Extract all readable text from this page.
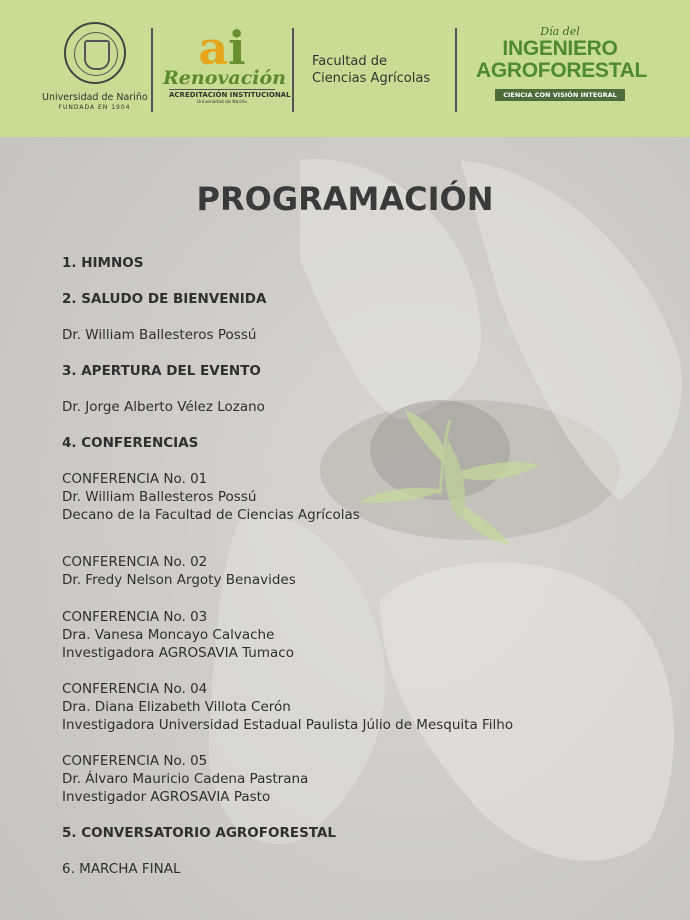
Universidad de Nariño
FUNDADA EN 1904
ai
Renovación
ACREDITACIÓN INSTITUCIONAL
Universidad de Nariño
Facultad de
Ciencias Agrícolas
Día del
INGENIERO
AGROFORESTAL
CIENCIA CON VISIÓN INTEGRAL
PROGRAMACIÓN
1. HIMNOS
2. SALUDO DE BIENVENIDA
Dr. William Ballesteros Possú
3. APERTURA DEL EVENTO
Dr. Jorge Alberto Vélez Lozano
4. CONFERENCIAS
CONFERENCIA No. 01
Dr. William Ballesteros Possú
Decano de la Facultad de Ciencias Agrícolas
CONFERENCIA No. 02
Dr. Fredy Nelson Argoty Benavides
CONFERENCIA No. 03
Dra. Vanesa Moncayo Calvache
Investigadora AGROSAVIA Tumaco
CONFERENCIA No. 04
Dra. Diana Elizabeth Villota Cerón
Investigadora Universidad Estadual Paulista Júlio de Mesquita Filho
CONFERENCIA No. 05
Dr. Álvaro Mauricio Cadena Pastrana
Investigador AGROSAVIA Pasto
5. CONVERSATORIO AGROFORESTAL
6. MARCHA FINAL
